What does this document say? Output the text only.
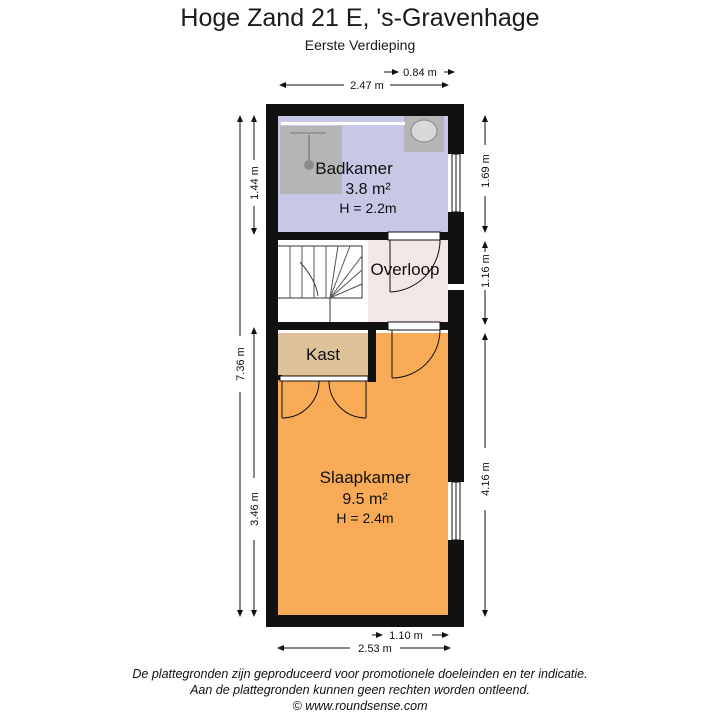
Hoge Zand 21 E, 's-Gravenhage
Eerste Verdieping
Badkamer
3.8 m²
H = 2.2m
Overloop
Kast
Slaapkamer
9.5 m²
H = 2.4m
2.47 m
0.84 m
2.53 m
1.10 m
7.36 m
1.44 m
3.46 m
1.69 m
1.16 m
4.16 m
De plattegronden zijn geproduceerd voor promotionele doeleinden en ter indicatie.
Aan de plattegronden kunnen geen rechten worden ontleend.
© www.roundsense.com
